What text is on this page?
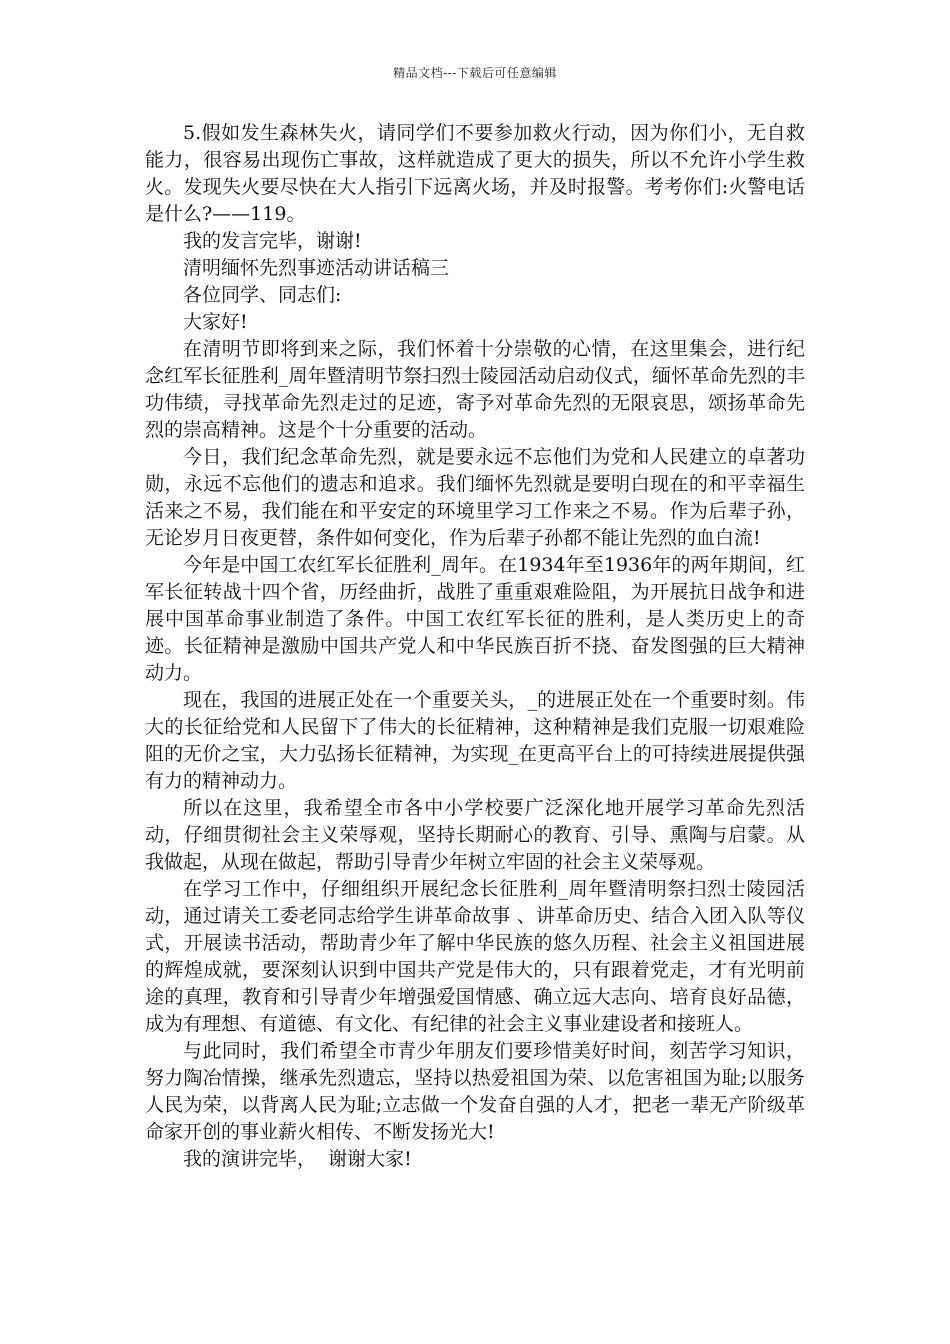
精品文档---下载后可任意编辑

5.假如发生森林失火，请同学们不要参加救火行动，因为你们小，无自救能力，很容易出现伤亡事故，这样就造成了更大的损失，所以不允许小学生救火。发现失火要尽快在大人指引下远离火场，并及时报警。考考你们:火警电话是什么?——119。

我的发言完毕，谢谢!

清明缅怀先烈事迹活动讲话稿三

各位同学、同志们:

大家好!

在清明节即将到来之际，我们怀着十分崇敬的心情，在这里集会，进行纪念红军长征胜利_周年暨清明节祭扫烈士陵园活动启动仪式，缅怀革命先烈的丰功伟绩，寻找革命先烈走过的足迹，寄予对革命先烈的无限哀思，颂扬革命先烈的崇高精神。这是个十分重要的活动。

今日，我们纪念革命先烈，就是要永远不忘他们为党和人民建立的卓著功勋，永远不忘他们的遗志和追求。我们缅怀先烈就是要明白现在的和平幸福生活来之不易，我们能在和平安定的环境里学习工作来之不易。作为后辈子孙，无论岁月日夜更替，条件如何变化，作为后辈子孙都不能让先烈的血白流!

今年是中国工农红军长征胜利_周年。在1934年至1936年的两年期间，红军长征转战十四个省，历经曲折，战胜了重重艰难险阻，为开展抗日战争和进展中国革命事业制造了条件。中国工农红军长征的胜利，是人类历史上的奇迹。长征精神是激励中国共产党人和中华民族百折不挠、奋发图强的巨大精神动力。

现在，我国的进展正处在一个重要关头，_的进展正处在一个重要时刻。伟大的长征给党和人民留下了伟大的长征精神，这种精神是我们克服一切艰难险阻的无价之宝，大力弘扬长征精神，为实现_在更高平台上的可持续进展提供强有力的精神动力。

所以在这里，我希望全市各中小学校要广泛深化地开展学习革命先烈活动，仔细贯彻社会主义荣辱观，坚持长期耐心的教育、引导、熏陶与启蒙。从我做起，从现在做起，帮助引导青少年树立牢固的社会主义荣辱观。

在学习工作中，仔细组织开展纪念长征胜利_周年暨清明祭扫烈士陵园活动，通过请关工委老同志给学生讲革命故事 、讲革命历史、结合入团入队等仪式，开展读书活动，帮助青少年了解中华民族的悠久历程、社会主义祖国进展的辉煌成就，要深刻认识到中国共产党是伟大的，只有跟着党走，才有光明前途的真理，教育和引导青少年增强爱国情感、确立远大志向、培育良好品德，成为有理想、有道德、有文化、有纪律的社会主义事业建设者和接班人。

与此同时，我们希望全市青少年朋友们要珍惜美好时间，刻苦学习知识，努力陶冶情操，继承先烈遗忘，坚持以热爱祖国为荣、以危害祖国为耻;以服务人民为荣，以背离人民为耻;立志做一个发奋自强的人才，把老一辈无产阶级革命家开创的事业薪火相传、不断发扬光大!

我的演讲完毕，  谢谢大家!
